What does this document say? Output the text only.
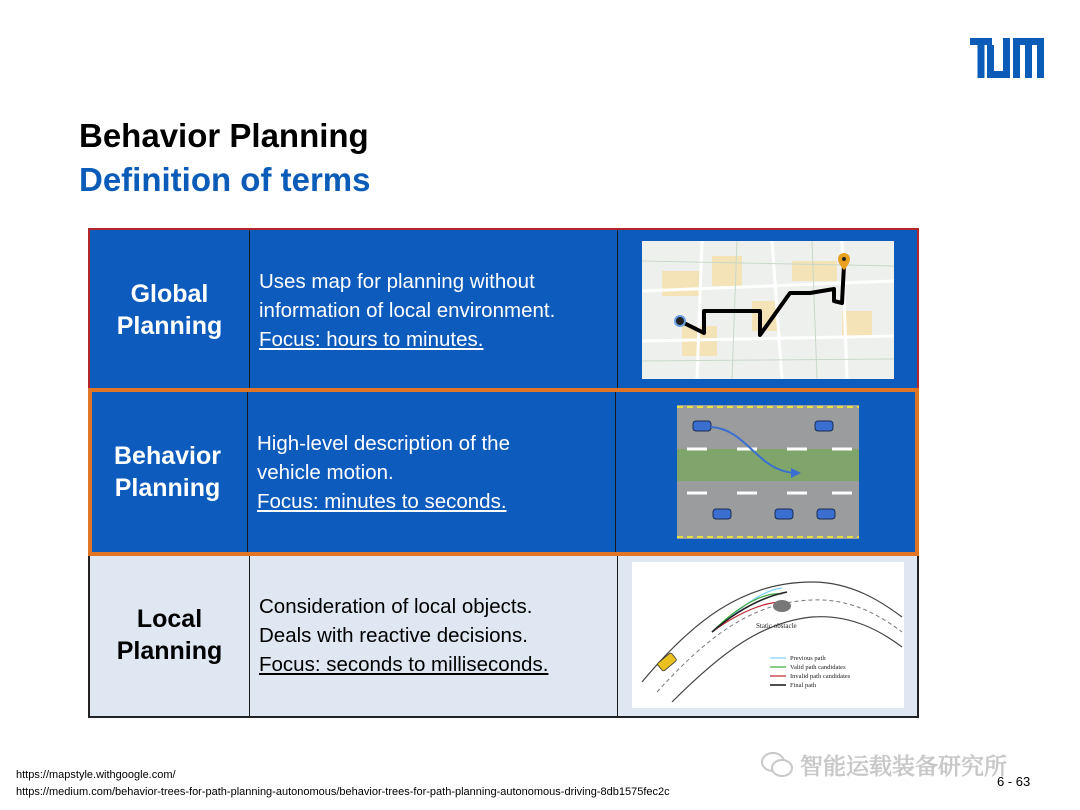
Behavior Planning
Definition of terms
Global Planning
Uses map for planning without
information of local environment.
Focus: hours to minutes.
Behavior Planning
High-level description of the
vehicle motion.
Focus: minutes to seconds.
Local Planning
Consideration of local objects.
Deals with reactive decisions.
Focus: seconds to milliseconds.
Static obstacle
Previous path
Valid path candidates
Invalid path candidates
Final path
https://mapstyle.withgoogle.com/
https://medium.com/behavior-trees-for-path-planning-autonomous/behavior-trees-for-path-planning-autonomous-driving-8db1575fec2c
智能运载装备研究所
6 - 63
